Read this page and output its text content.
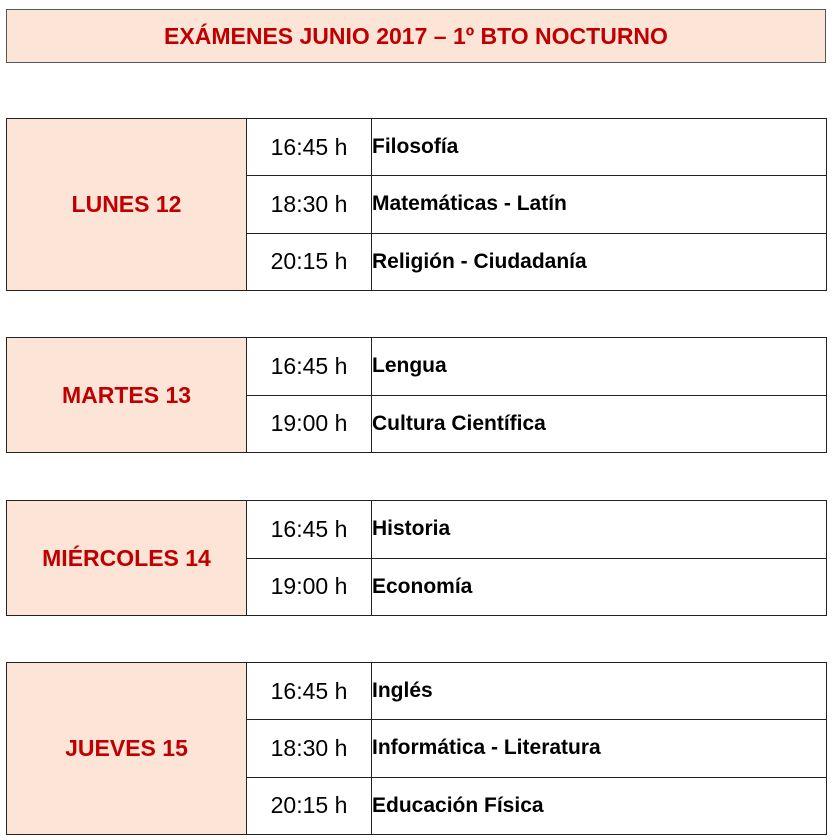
EXÁMENES JUNIO 2017 – 1º BTO NOCTURNO
LUNES 12	16:45 h	Filosofía
	18:30 h	Matemáticas - Latín
	20:15 h	Religión - Ciudadanía
MARTES 13	16:45 h	Lengua
	19:00 h	Cultura Científica
MIÉRCOLES 14	16:45 h	Historia
	19:00 h	Economía
JUEVES 15	16:45 h	Inglés
	18:30 h	Informática - Literatura
	20:15 h	Educación Física
